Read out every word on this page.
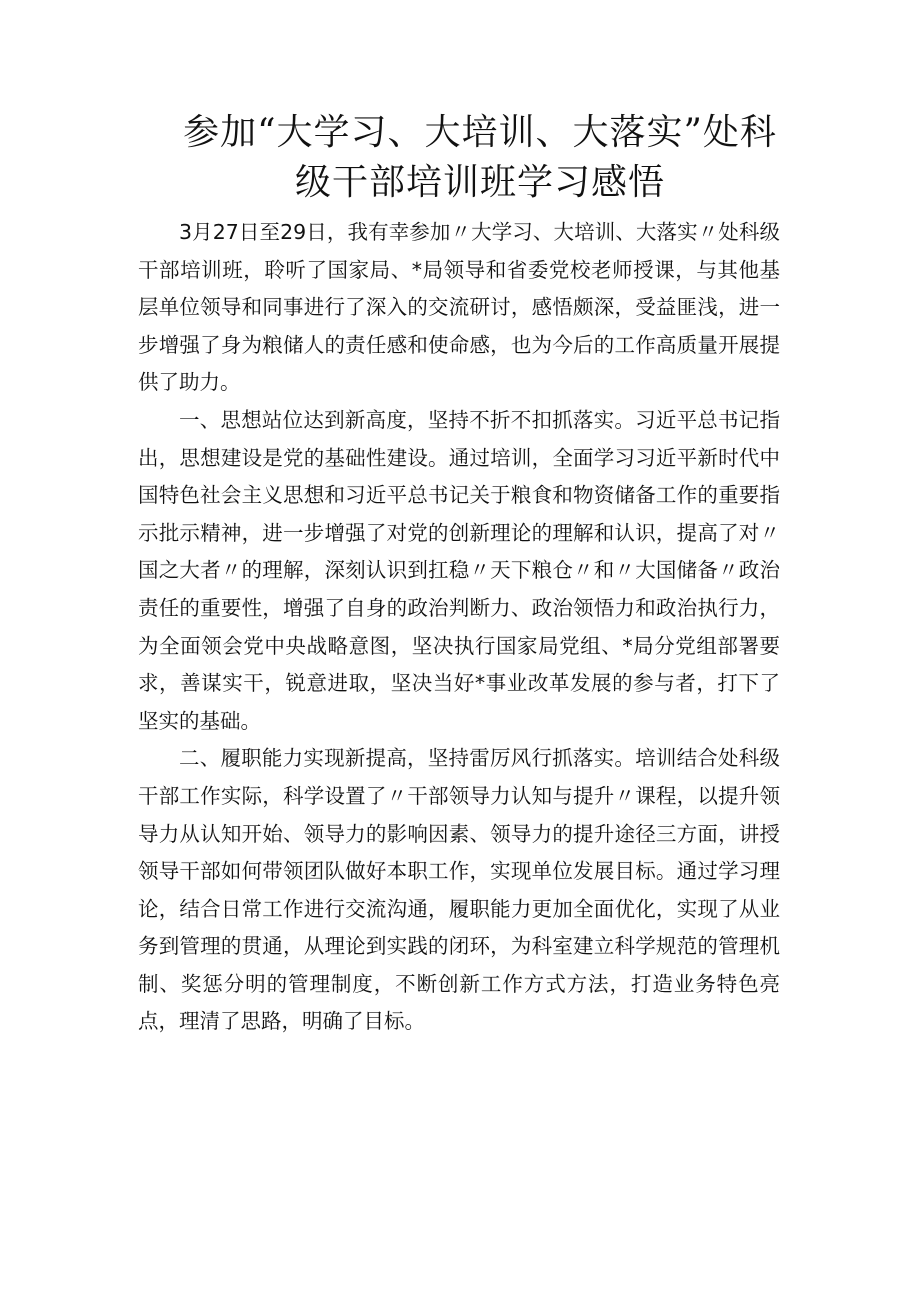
参加“大学习、大培训、大落实”处科
级干部培训班学习感悟

3月27日至29日，我有幸参加〃大学习、大培训、大落实〃处科级干部培训班，聆听了国家局、*局领导和省委党校老师授课，与其他基层单位领导和同事进行了深入的交流研讨，感悟颇深，受益匪浅，进一步增强了身为粮储人的责任感和使命感，也为今后的工作高质量开展提供了助力。

一、思想站位达到新高度，坚持不折不扣抓落实。习近平总书记指出，思想建设是党的基础性建设。通过培训，全面学习习近平新时代中国特色社会主义思想和习近平总书记关于粮食和物资储备工作的重要指示批示精神，进一步增强了对党的创新理论的理解和认识，提高了对〃国之大者〃的理解，深刻认识到扛稳〃天下粮仓〃和〃大国储备〃政治责任的重要性，增强了自身的政治判断力、政治领悟力和政治执行力，为全面领会党中央战略意图，坚决执行国家局党组、*局分党组部署要求，善谋实干，锐意进取，坚决当好*事业改革发展的参与者，打下了坚实的基础。

二、履职能力实现新提高，坚持雷厉风行抓落实。培训结合处科级干部工作实际，科学设置了〃干部领导力认知与提升〃课程，以提升领导力从认知开始、领导力的影响因素、领导力的提升途径三方面，讲授领导干部如何带领团队做好本职工作，实现单位发展目标。通过学习理论，结合日常工作进行交流沟通，履职能力更加全面优化，实现了从业务到管理的贯通，从理论到实践的闭环，为科室建立科学规范的管理机制、奖惩分明的管理制度，不断创新工作方式方法，打造业务特色亮点，理清了思路，明确了目标。
